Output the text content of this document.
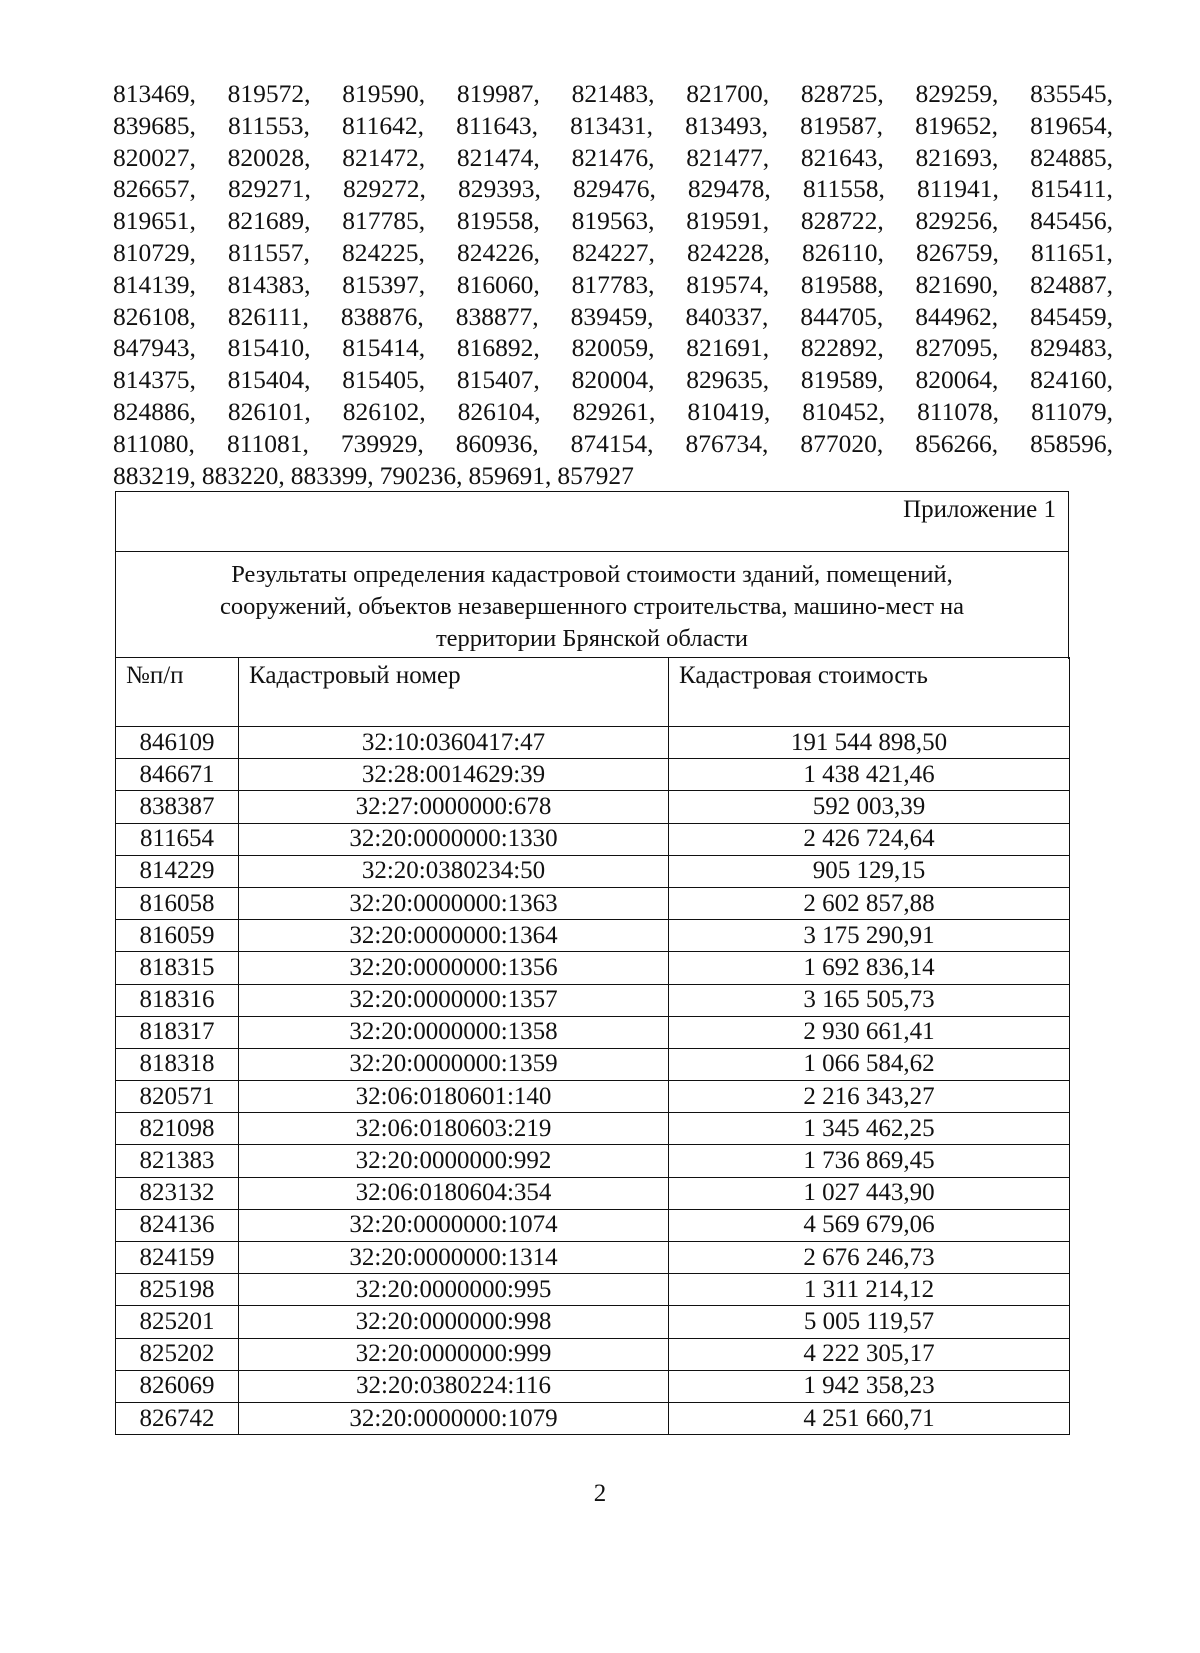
813469, 819572, 819590, 819987, 821483, 821700, 828725, 829259, 835545,
839685, 811553, 811642, 811643, 813431, 813493, 819587, 819652, 819654,
820027, 820028, 821472, 821474, 821476, 821477, 821643, 821693, 824885,
826657, 829271, 829272, 829393, 829476, 829478, 811558, 811941, 815411,
819651, 821689, 817785, 819558, 819563, 819591, 828722, 829256, 845456,
810729, 811557, 824225, 824226, 824227, 824228, 826110, 826759, 811651,
814139, 814383, 815397, 816060, 817783, 819574, 819588, 821690, 824887,
826108, 826111, 838876, 838877, 839459, 840337, 844705, 844962, 845459,
847943, 815410, 815414, 816892, 820059, 821691, 822892, 827095, 829483,
814375, 815404, 815405, 815407, 820004, 829635, 819589, 820064, 824160,
824886, 826101, 826102, 826104, 829261, 810419, 810452, 811078, 811079,
811080, 811081, 739929, 860936, 874154, 876734, 877020, 856266, 858596,
883219, 883220, 883399, 790236, 859691, 857927
Приложение 1
Результаты определения кадастровой стоимости зданий, помещений,
сооружений, объектов незавершенного строительства, машино-мест на
территории Брянской области
№п/п	Кадастровый номер	Кадастровая стоимость
846109	32:10:0360417:47	191 544 898,50
846671	32:28:0014629:39	1 438 421,46
838387	32:27:0000000:678	592 003,39
811654	32:20:0000000:1330	2 426 724,64
814229	32:20:0380234:50	905 129,15
816058	32:20:0000000:1363	2 602 857,88
816059	32:20:0000000:1364	3 175 290,91
818315	32:20:0000000:1356	1 692 836,14
818316	32:20:0000000:1357	3 165 505,73
818317	32:20:0000000:1358	2 930 661,41
818318	32:20:0000000:1359	1 066 584,62
820571	32:06:0180601:140	2 216 343,27
821098	32:06:0180603:219	1 345 462,25
821383	32:20:0000000:992	1 736 869,45
823132	32:06:0180604:354	1 027 443,90
824136	32:20:0000000:1074	4 569 679,06
824159	32:20:0000000:1314	2 676 246,73
825198	32:20:0000000:995	1 311 214,12
825201	32:20:0000000:998	5 005 119,57
825202	32:20:0000000:999	4 222 305,17
826069	32:20:0380224:116	1 942 358,23
826742	32:20:0000000:1079	4 251 660,71
2
